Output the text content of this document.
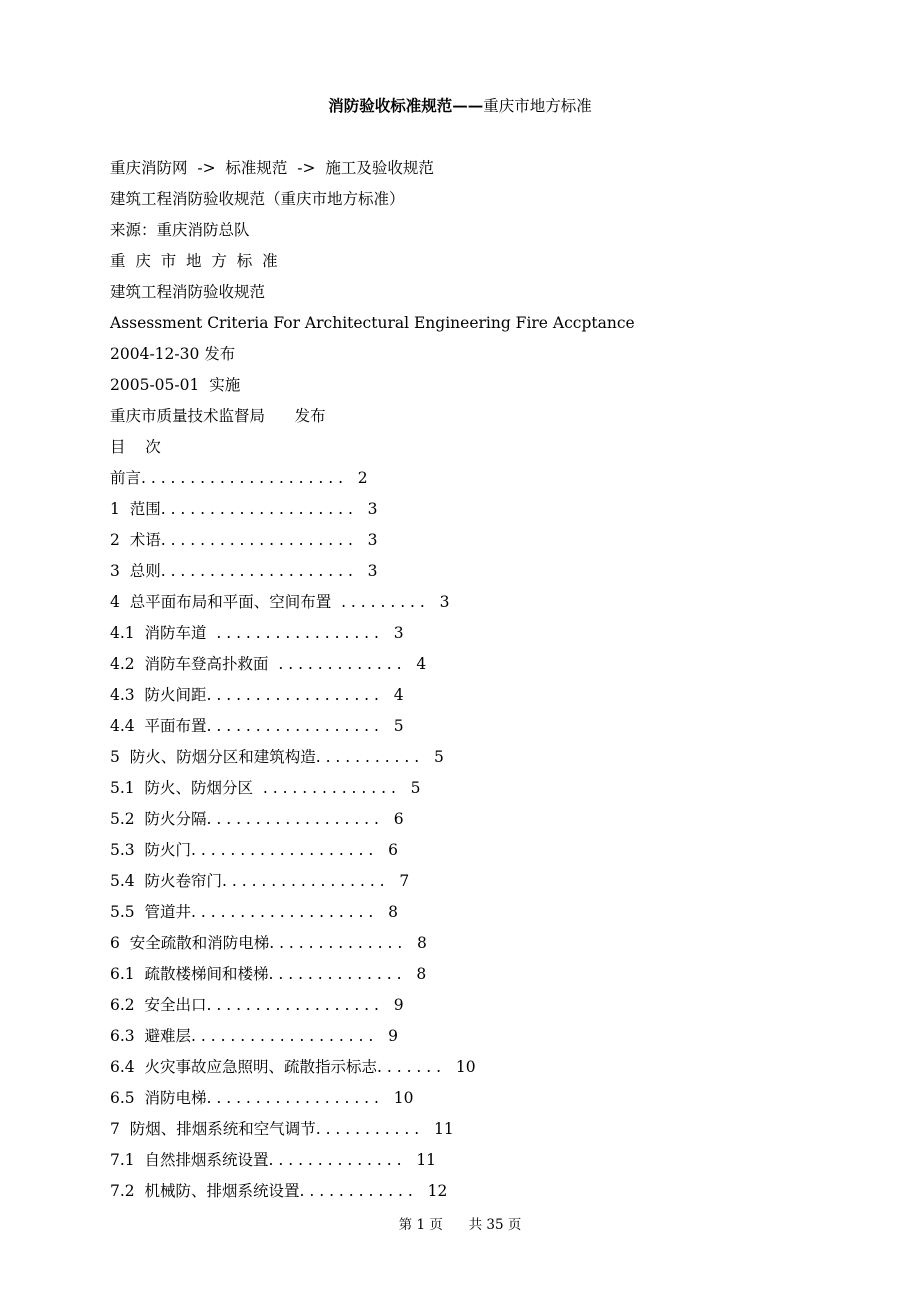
消防验收标准规范——重庆市地方标准
重庆消防网  ->  标准规范  ->  施工及验收规范
建筑工程消防验收规范（重庆市地方标准）
来源：重庆消防总队
重  庆  市  地  方  标  准
建筑工程消防验收规范
Assessment Criteria For Architectural Engineering Fire Accptance
2004-12-30 发布
2005-05-01  实施
重庆市质量技术监督局      发布
目    次
前言. . . . . . . . . . . . . . . . . . . . .   2
1  范围. . . . . . . . . . . . . . . . . . . .   3
2  术语. . . . . . . . . . . . . . . . . . . .   3
3  总则. . . . . . . . . . . . . . . . . . . .   3
4  总平面布局和平面、空间布置  . . . . . . . . .   3
4.1  消防车道  . . . . . . . . . . . . . . . . .   3
4.2  消防车登高扑救面  . . . . . . . . . . . . .   4
4.3  防火间距. . . . . . . . . . . . . . . . . .   4
4.4  平面布置. . . . . . . . . . . . . . . . . .   5
5  防火、防烟分区和建筑构造. . . . . . . . . . .   5
5.1  防火、防烟分区  . . . . . . . . . . . . . .   5
5.2  防火分隔. . . . . . . . . . . . . . . . . .   6
5.3  防火门. . . . . . . . . . . . . . . . . . .   6
5.4  防火卷帘门. . . . . . . . . . . . . . . . .   7
5.5  管道井. . . . . . . . . . . . . . . . . . .   8
6  安全疏散和消防电梯. . . . . . . . . . . . . .   8
6.1  疏散楼梯间和楼梯. . . . . . . . . . . . . .   8
6.2  安全出口. . . . . . . . . . . . . . . . . .   9
6.3  避难层. . . . . . . . . . . . . . . . . . .   9
6.4  火灾事故应急照明、疏散指示标志. . . . . . .   10
6.5  消防电梯. . . . . . . . . . . . . . . . . .   10
7  防烟、排烟系统和空气调节. . . . . . . . . . .   11
7.1  自然排烟系统设置. . . . . . . . . . . . . .   11
7.2  机械防、排烟系统设置. . . . . . . . . . . .   12
第 1 页      共 35 页
